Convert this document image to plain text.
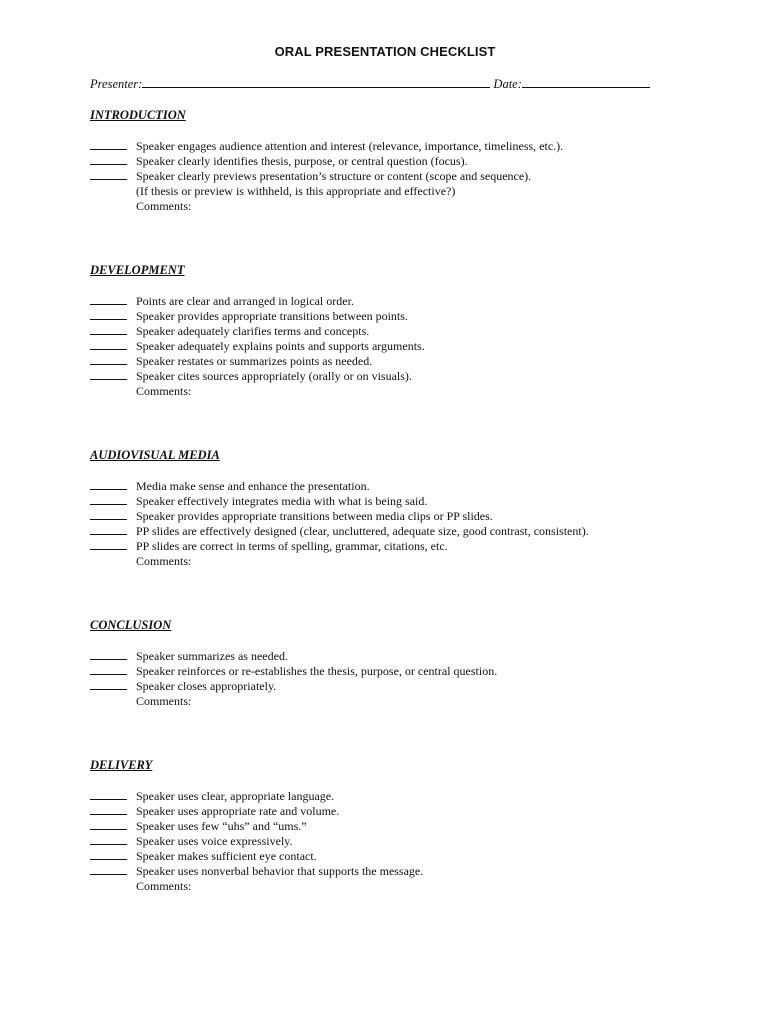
ORAL PRESENTATION CHECKLIST
Presenter:	Date:
INTRODUCTION
Speaker engages audience attention and interest (relevance, importance, timeliness, etc.).
Speaker clearly identifies thesis, purpose, or central question (focus).
Speaker clearly previews presentation’s structure or content (scope and sequence).
(If thesis or preview is withheld, is this appropriate and effective?)
Comments:
DEVELOPMENT
Points are clear and arranged in logical order.
Speaker provides appropriate transitions between points.
Speaker adequately clarifies terms and concepts.
Speaker adequately explains points and supports arguments.
Speaker restates or summarizes points as needed.
Speaker cites sources appropriately (orally or on visuals).
Comments:
AUDIOVISUAL MEDIA
Media make sense and enhance the presentation.
Speaker effectively integrates media with what is being said.
Speaker provides appropriate transitions between media clips or PP slides.
PP slides are effectively designed (clear, uncluttered, adequate size, good contrast, consistent).
PP slides are correct in terms of spelling, grammar, citations, etc.
Comments:
CONCLUSION
Speaker summarizes as needed.
Speaker reinforces or re-establishes the thesis, purpose, or central question.
Speaker closes appropriately.
Comments:
DELIVERY
Speaker uses clear, appropriate language.
Speaker uses appropriate rate and volume.
Speaker uses few “uhs” and “ums.”
Speaker uses voice expressively.
Speaker makes sufficient eye contact.
Speaker uses nonverbal behavior that supports the message.
Comments:
